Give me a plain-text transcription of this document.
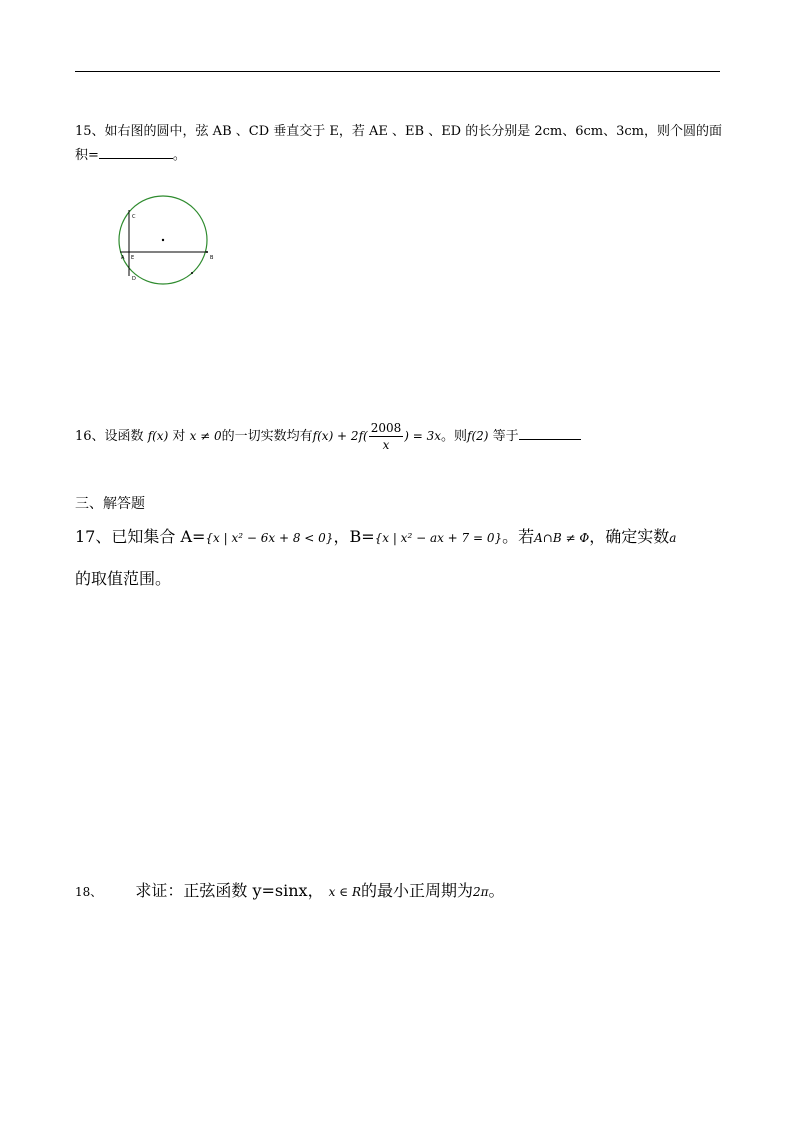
15、如右图的圆中，弦 AB 、CD 垂直交于 E，若 AE 、EB 、ED 的长分别是 2cm、6cm、3cm，则个圆的面
积=	。
C
A E	B
D
16、设函数 f(x) 对 x ≠ 0的一切实数均有$f(x) + 2f( \frac{2008}{x}$ ) = 3x。则f(2) 等于
三、解答题
17、已知集合 A={x | x² − 6x + 8 < 0}，B={x | x² − ax + 7 = 0}。若A∩B ≠ Φ，确定实数a
的取值范围。
18、 求证：正弦函数 y=sinx， x ∈ R的最小正周期为2π。
